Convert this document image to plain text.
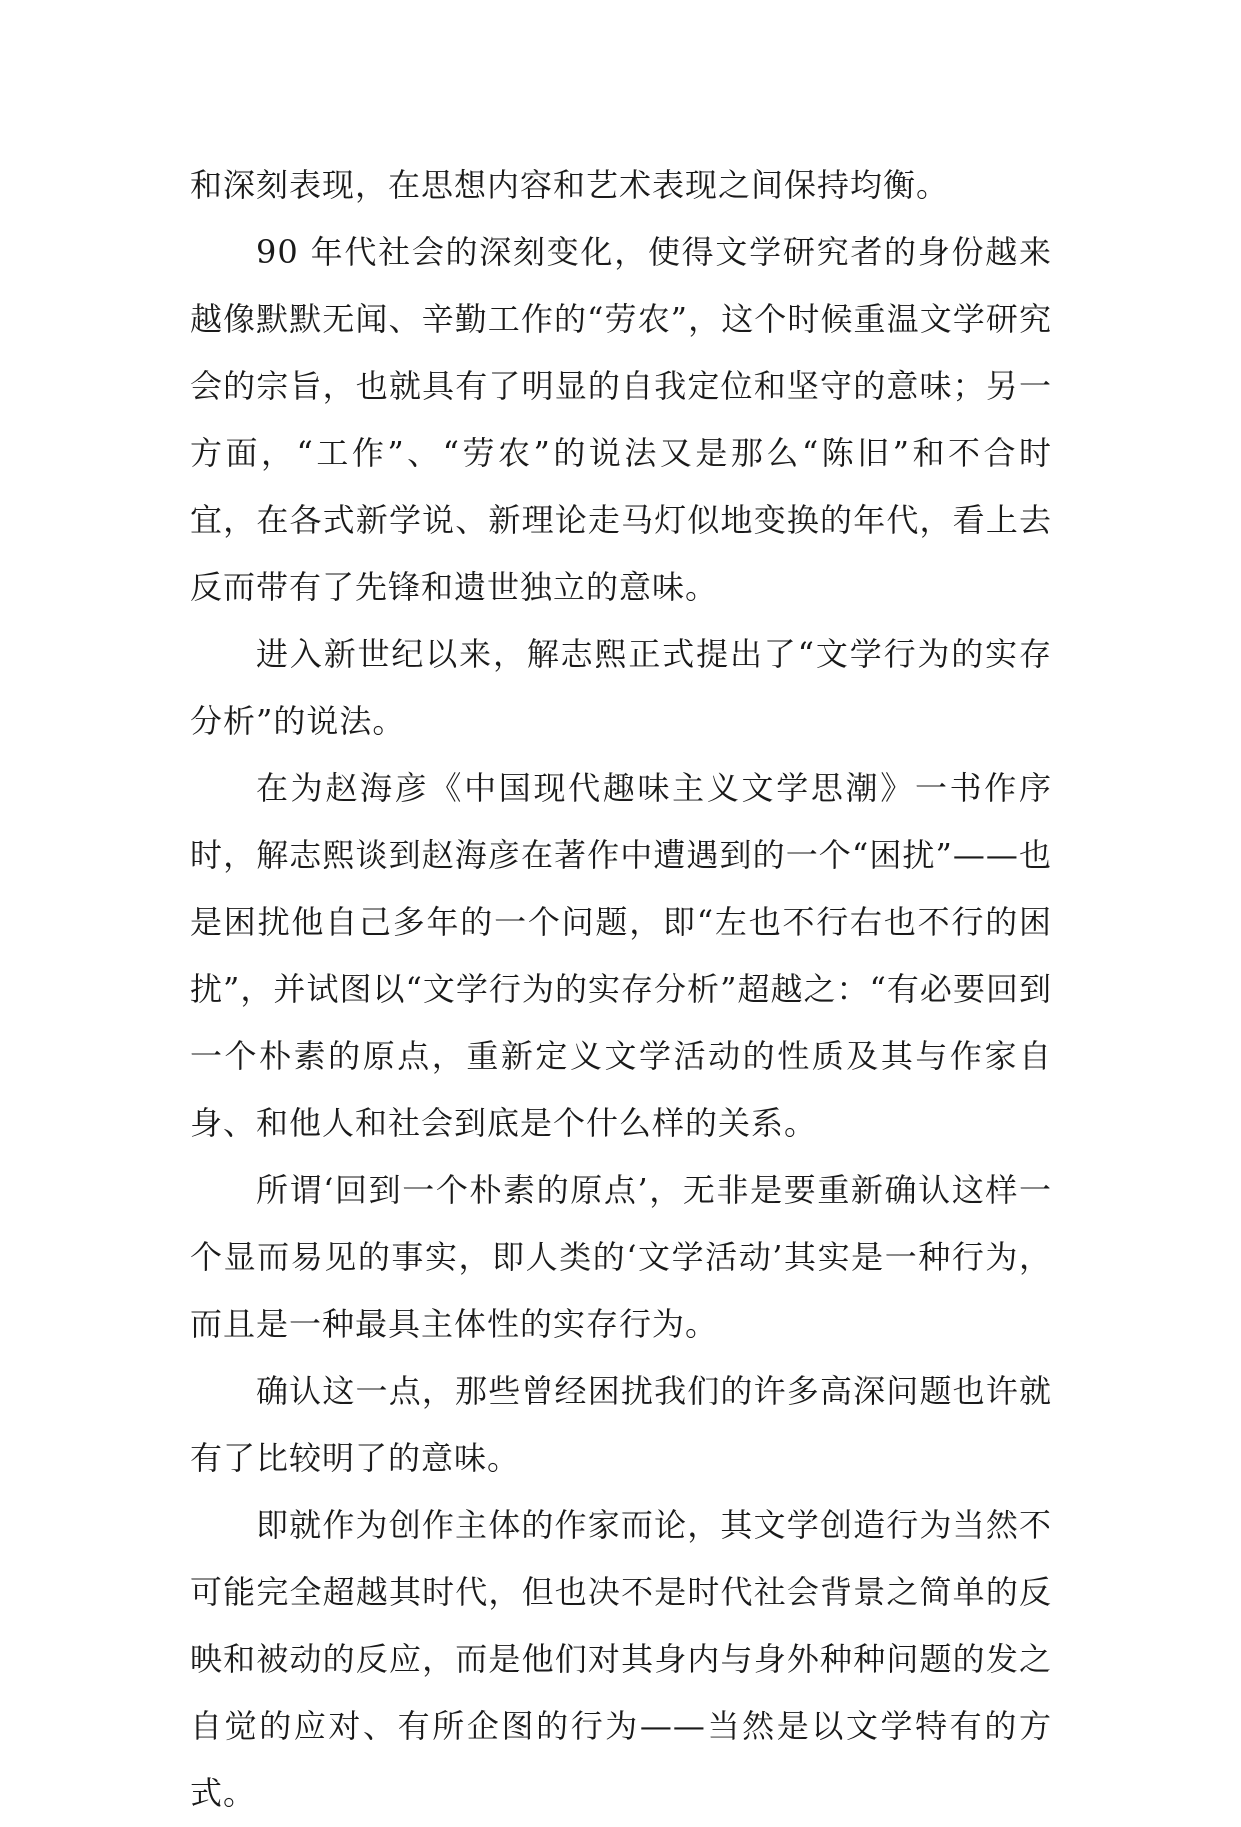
和深刻表现，在思想内容和艺术表现之间保持均衡。

90 年代社会的深刻变化，使得文学研究者的身份越来越像默默无闻、辛勤工作的“劳农”，这个时候重温文学研究会的宗旨，也就具有了明显的自我定位和坚守的意味；另一方面，“工作”、“劳农”的说法又是那么“陈旧”和不合时宜，在各式新学说、新理论走马灯似地变换的年代，看上去反而带有了先锋和遗世独立的意味。

进入新世纪以来，解志熙正式提出了“文学行为的实存分析”的说法。

在为赵海彦《中国现代趣味主义文学思潮》一书作序时，解志熙谈到赵海彦在著作中遭遇到的一个“困扰”——也是困扰他自己多年的一个问题，即“左也不行右也不行的困扰”，并试图以“文学行为的实存分析”超越之：“有必要回到一个朴素的原点，重新定义文学活动的性质及其与作家自身、和他人和社会到底是个什么样的关系。

所谓‘回到一个朴素的原点’，无非是要重新确认这样一个显而易见的事实，即人类的‘文学活动’其实是一种行为，而且是一种最具主体性的实存行为。

确认这一点，那些曾经困扰我们的许多高深问题也许就有了比较明了的意味。

即就作为创作主体的作家而论，其文学创造行为当然不可能完全超越其时代，但也决不是时代社会背景之简单的反映和被动的反应，而是他们对其身内与身外种种问题的发之自觉的应对、有所企图的行为——当然是以文学特有的方式。
